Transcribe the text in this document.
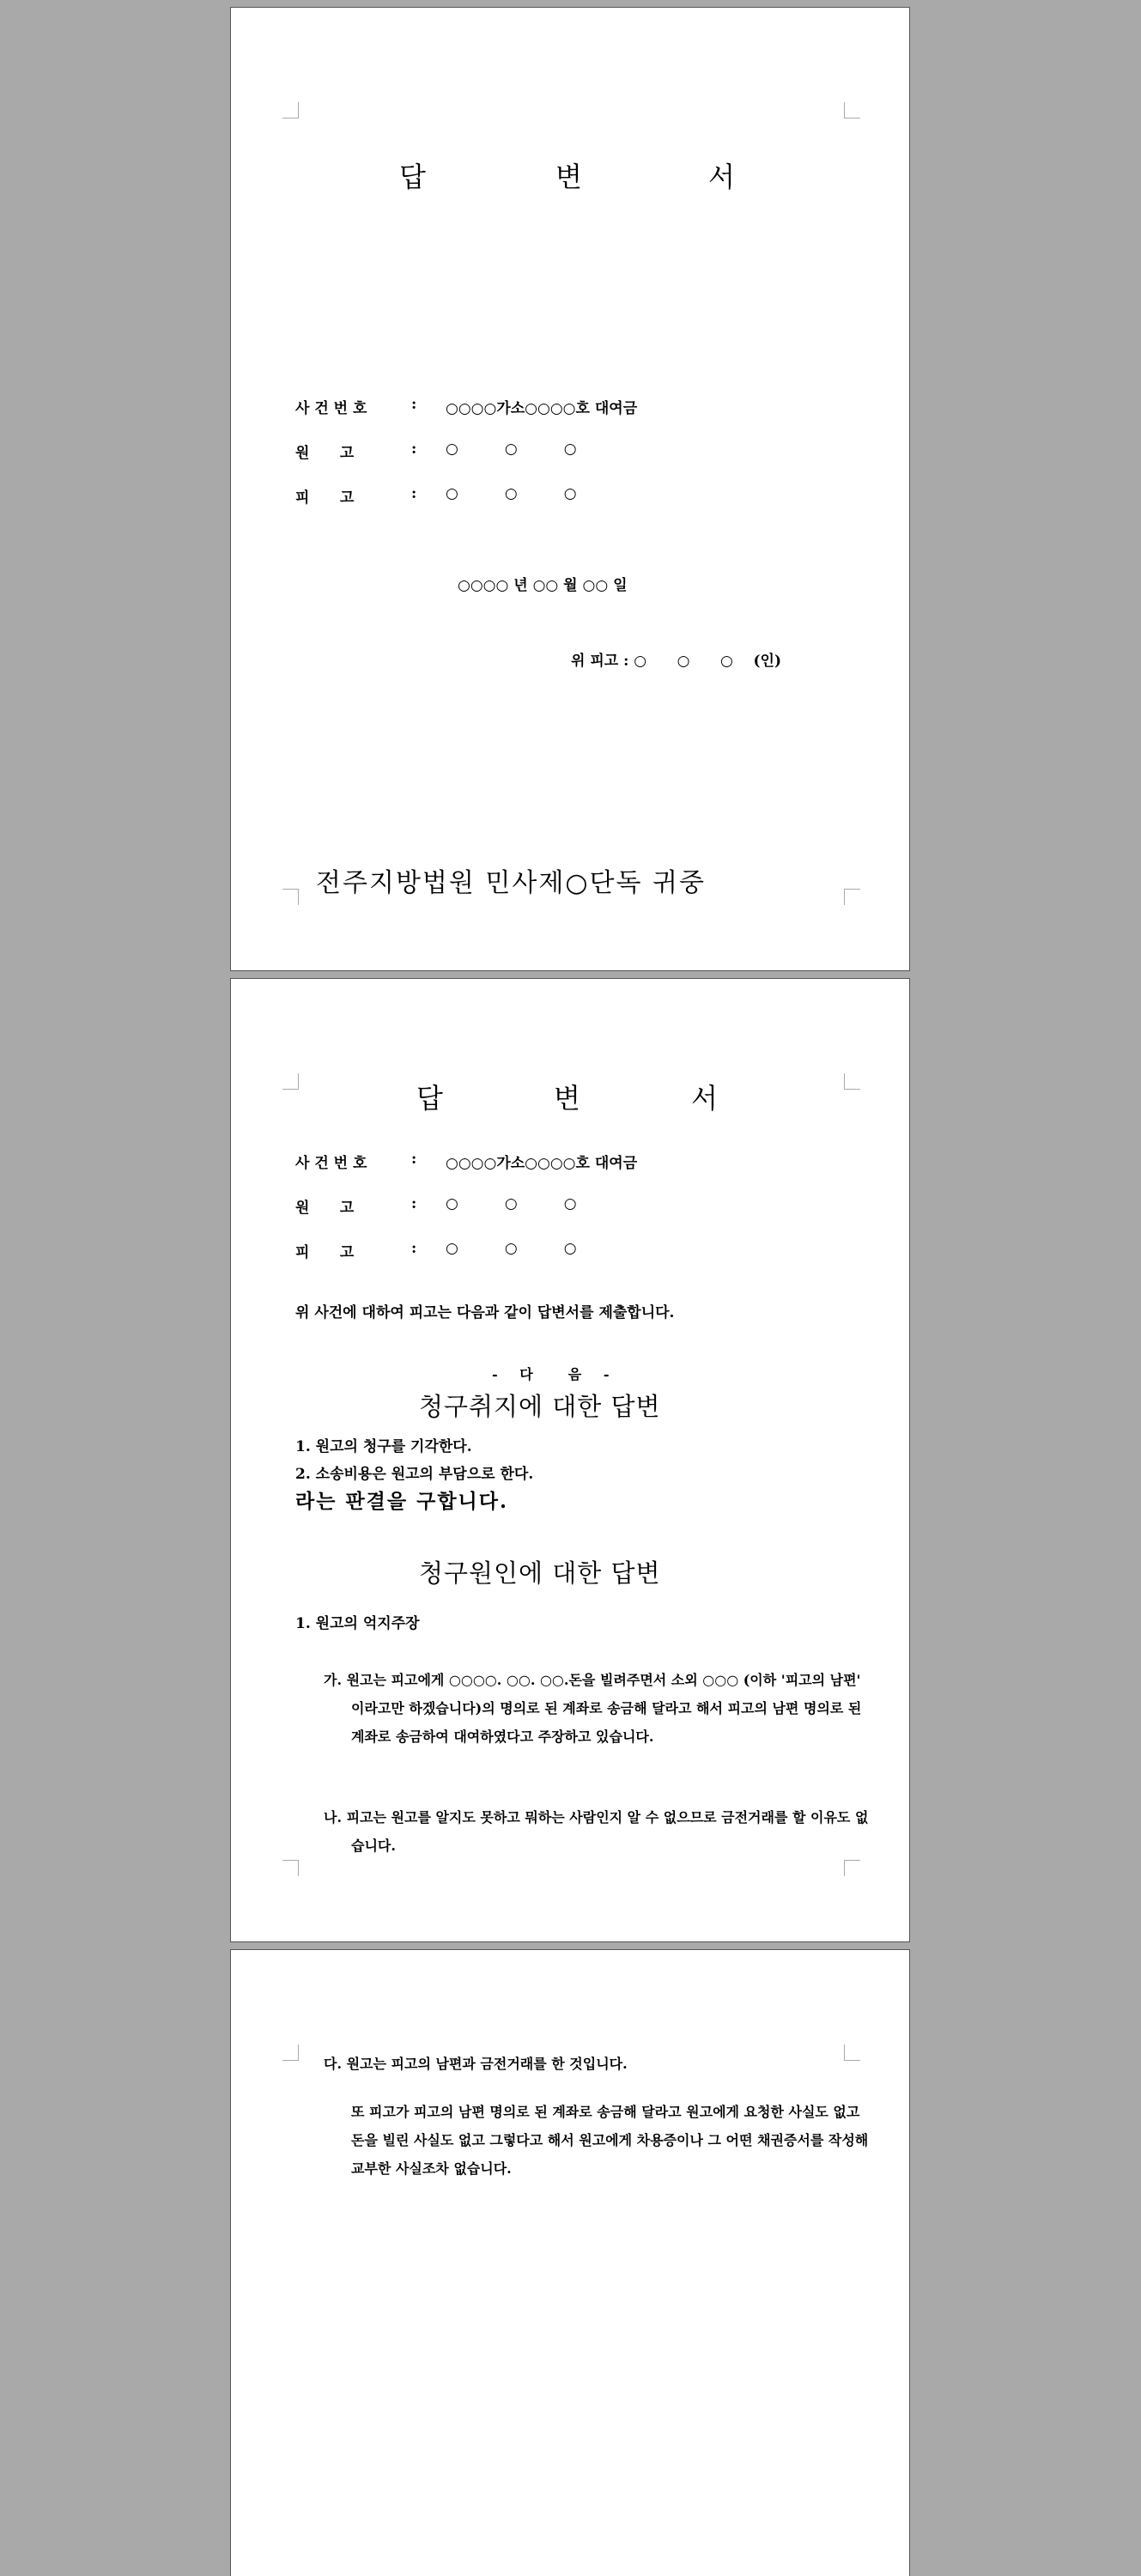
답	변	서
사 건 번 호	: ○○○○가소○○○○호 대여금
원      고	: ○          ○          ○
피      고	: ○          ○          ○
○○○○ 년 ○○ 월 ○○ 일
위 피고 : ○      ○      ○    (인)
전주지방법원 민사제○단독 귀중
답	변	서
사 건 번 호	: ○○○○가소○○○○호 대여금
원      고	: ○          ○          ○
피      고	: ○          ○          ○
위 사건에 대하여 피고는 다음과 같이 답변서를 제출합니다.
- 다  음 -
청구취지에 대한 답변
1. 원고의 청구를 기각한다.
2. 소송비용은 원고의 부담으로 한다.
라는 판결을 구합니다.
청구원인에 대한 답변
1. 원고의 억지주장
가. 원고는 피고에게 ○○○○. ○○. ○○.돈을 빌려주면서 소외 ○○○ (이하 '피고의 남편' 이라고만 하겠습니다)의 명의로 된 계좌로 송금해 달라고 해서 피고의 남편 명의로 된 계좌로 송금하여 대여하였다고 주장하고 있습니다.
나. 피고는 원고를 알지도 못하고 뭐하는 사람인지 알 수 없으므로 금전거래를 할 이유도 없습니다.
다. 원고는 피고의 남편과 금전거래를 한 것입니다.
또 피고가 피고의 남편 명의로 된 계좌로 송금해 달라고 원고에게 요청한 사실도 없고 돈을 빌린 사실도 없고 그렇다고 해서 원고에게 차용증이나 그 어떤 채권증서를 작성해 교부한 사실조차 없습니다.
